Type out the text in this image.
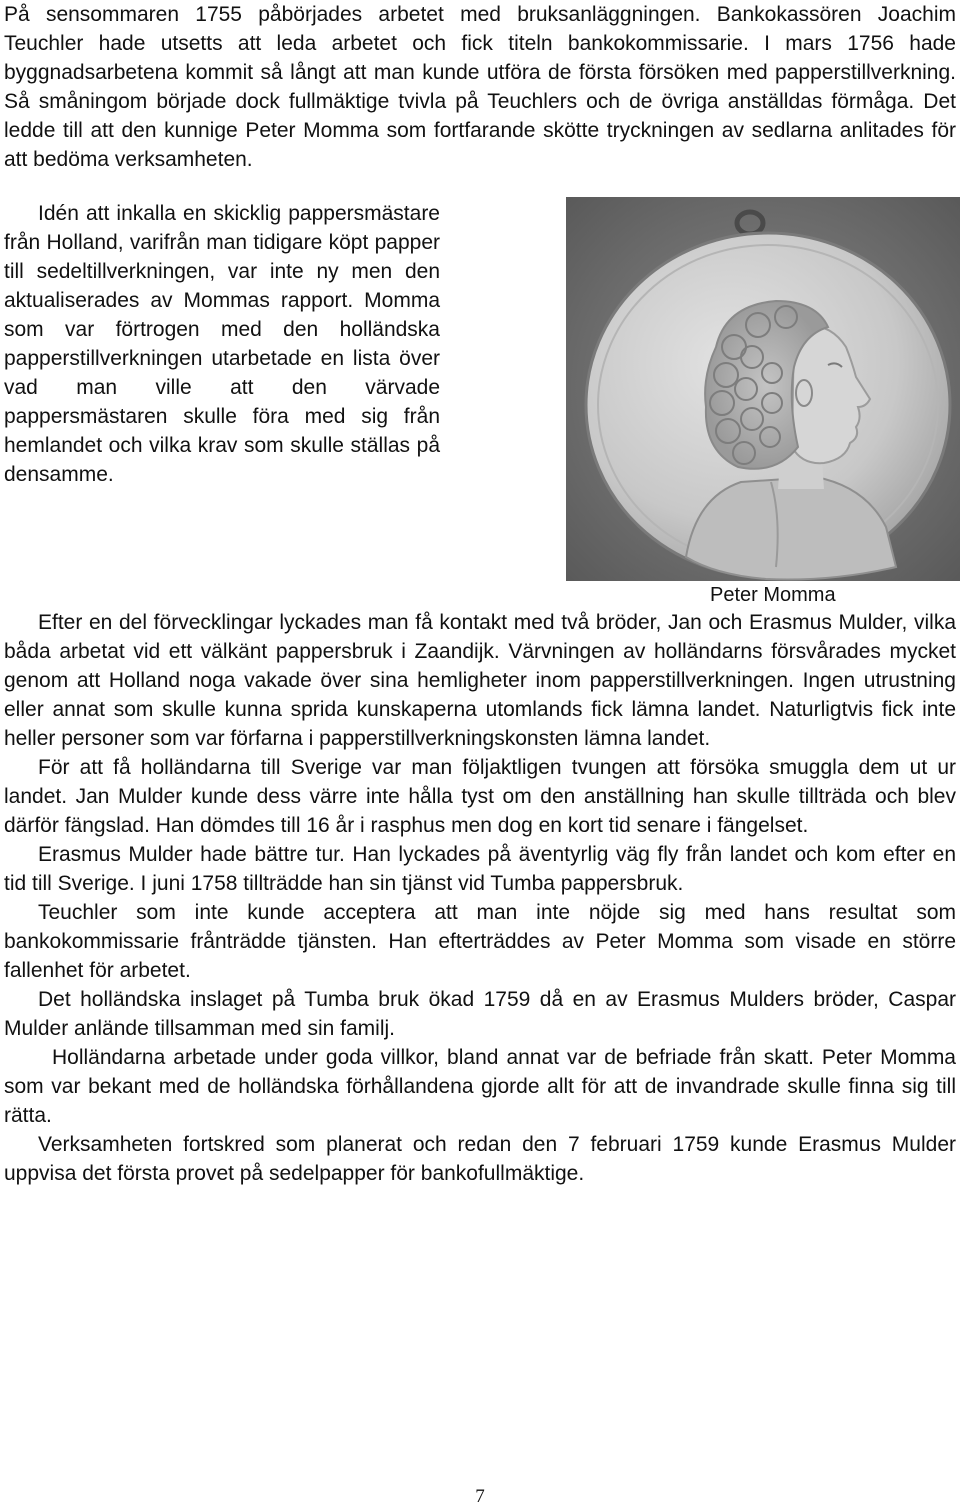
På sensommaren 1755 påbörjades arbetet med bruksanläggningen. Bankokassören Joachim Teuchler hade utsetts att leda arbetet och fick titeln bankokommissarie. I mars 1756 hade byggnadsarbetena kommit så långt att man kunde utföra de första försöken med papperstillverkning. Så småningom började dock fullmäktige tvivla på Teuchlers och de övriga anställdas förmåga. Det ledde till att den kunnige Peter Momma som fortfarande skötte tryckningen av sedlarna anlitades för att bedöma verksamheten.

Idén att inkalla en skicklig pappersmästare från Holland, varifrån man tidigare köpt papper till sedeltillverkningen, var inte ny men den aktualiserades av Mommas rapport. Momma som var förtrogen med den holländska papperstillverkningen utarbetade en lista över vad man ville att den värvade pappersmästaren skulle föra med sig från hemlandet och vilka krav som skulle ställas på densamme.

Peter Momma

Efter en del förvecklingar lyckades man få kontakt med två bröder, Jan och Erasmus Mulder, vilka båda arbetat vid ett välkänt pappersbruk i Zaandijk. Värvningen av holländarns försvårades mycket genom att Holland noga vakade över sina hemligheter inom papperstillverkningen. Ingen utrustning eller annat som skulle kunna sprida kunskaperna utomlands fick lämna landet. Naturligtvis fick inte heller personer som var förfarna i papperstillverkningskonsten lämna landet.

För att få holländarna till Sverige var man följaktligen tvungen att försöka smuggla dem ut ur landet. Jan Mulder kunde dess värre inte hålla tyst om den anställning han skulle tillträda och blev därför fängslad. Han dömdes till 16 år i rasphus men dog en kort tid senare i fängelset.

Erasmus Mulder hade bättre tur. Han lyckades på äventyrlig väg fly från landet och kom efter en tid till Sverige. I juni 1758 tillträdde han sin tjänst vid Tumba pappersbruk.

Teuchler som inte kunde acceptera att man inte nöjde sig med hans resultat som bankokommissarie frånträdde tjänsten. Han efterträddes av Peter Momma som visade en större fallenhet för arbetet.

Det holländska inslaget på Tumba bruk ökad 1759 då en av Erasmus Mulders bröder, Caspar Mulder anlände tillsamman med sin familj.

Holländarna arbetade under goda villkor, bland annat var de befriade från skatt. Peter Momma som var bekant med de holländska förhållandena gjorde allt för att de invandrade skulle finna sig till rätta.

Verksamheten fortskred som planerat och redan den 7 februari 1759 kunde Erasmus Mulder uppvisa det första provet på sedelpapper för bankofullmäktige.

7
